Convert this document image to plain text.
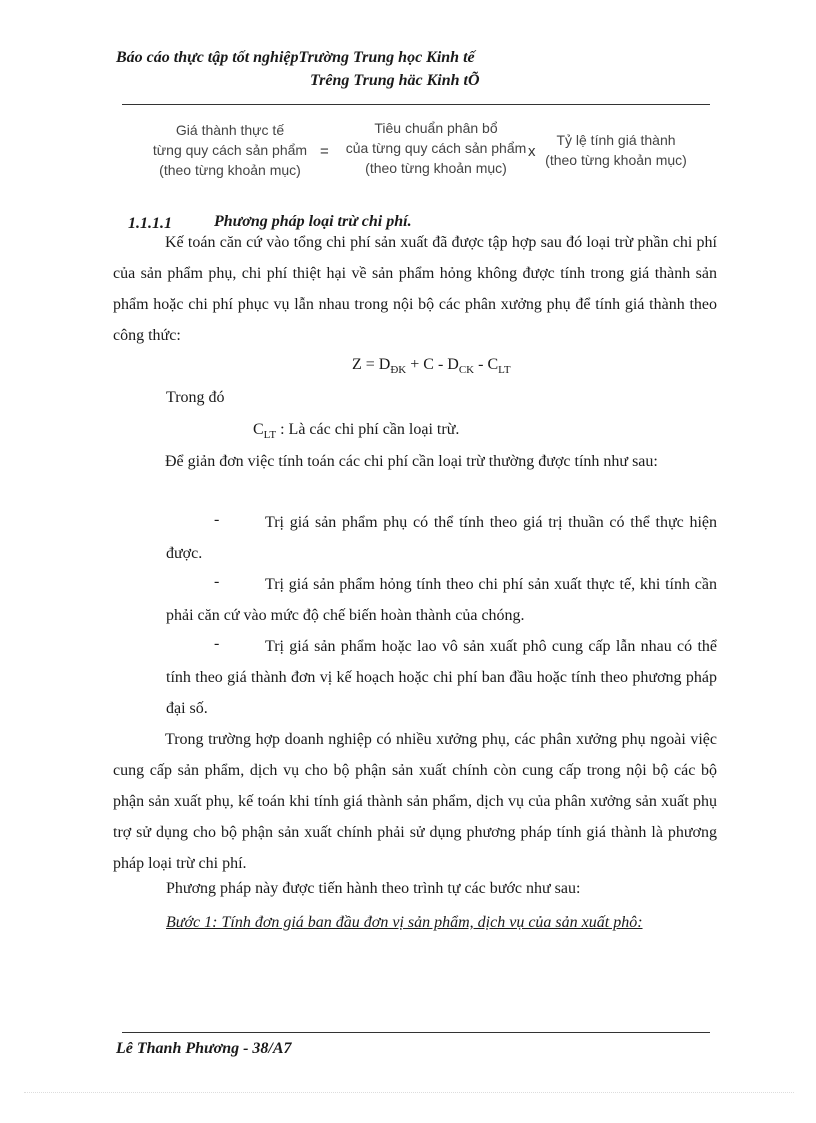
Báo cáo thực tập tốt nghiệpTrường Trung học Kinh tế
Trêng Trung häc Kinh tÕ
Giá thành thực tế
từng quy cách sản phẩm
(theo từng khoản mục)
=
Tiêu chuẩn phân bổ
của từng quy cách sản phẩm
(theo từng khoản mục)
x
Tỷ lệ tính giá thành
(theo từng khoản mục)
1.1.1.1	Phương pháp loại trừ chi phí.
Kế toán căn cứ vào tổng chi phí sản xuất đã được tập hợp sau đó loại trừ phần chi phí của sản phẩm phụ, chi phí thiệt hại về sản phẩm hỏng không được tính trong giá thành sản phẩm hoặc chi phí phục vụ lẫn nhau trong nội bộ các phân xưởng phụ để tính giá thành theo công thức:
$Z = D_{ĐK} + C - D_{CK} - C_{LT}$
Trong đó
$C_{LT}$ : Là các chi phí cần loại trừ.
Để giản đơn việc tính toán các chi phí cần loại trừ thường được tính như sau:
-	Trị giá sản phẩm phụ có thể tính theo giá trị thuần có thể thực hiện được.
-	Trị giá sản phẩm hỏng tính theo chi phí sản xuất thực tế, khi tính cần phải căn cứ vào mức độ chế biến hoàn thành của chóng.
-	Trị giá sản phẩm hoặc lao vô sản xuất phô cung cấp lẫn nhau có thể tính theo giá thành đơn vị kế hoạch hoặc chi phí ban đầu hoặc tính theo phương pháp đại số.
Trong trường hợp doanh nghiệp có nhiều xưởng phụ, các phân xưởng phụ ngoài việc cung cấp sản phẩm, dịch vụ cho bộ phận sản xuất chính còn cung cấp trong nội bộ các bộ phận sản xuất phụ, kế toán khi tính giá thành sản phẩm, dịch vụ của phân xưởng sản xuất phụ trợ sử dụng cho bộ phận sản xuất chính phải sử dụng phương pháp tính giá thành là phương pháp loại trừ chi phí.
Phương pháp này được tiến hành theo trình tự các bước như sau:
Bước 1: Tính đơn giá ban đầu đơn vị sản phẩm, dịch vụ của sản xuất phô:
Lê Thanh Phương - 38/A7
